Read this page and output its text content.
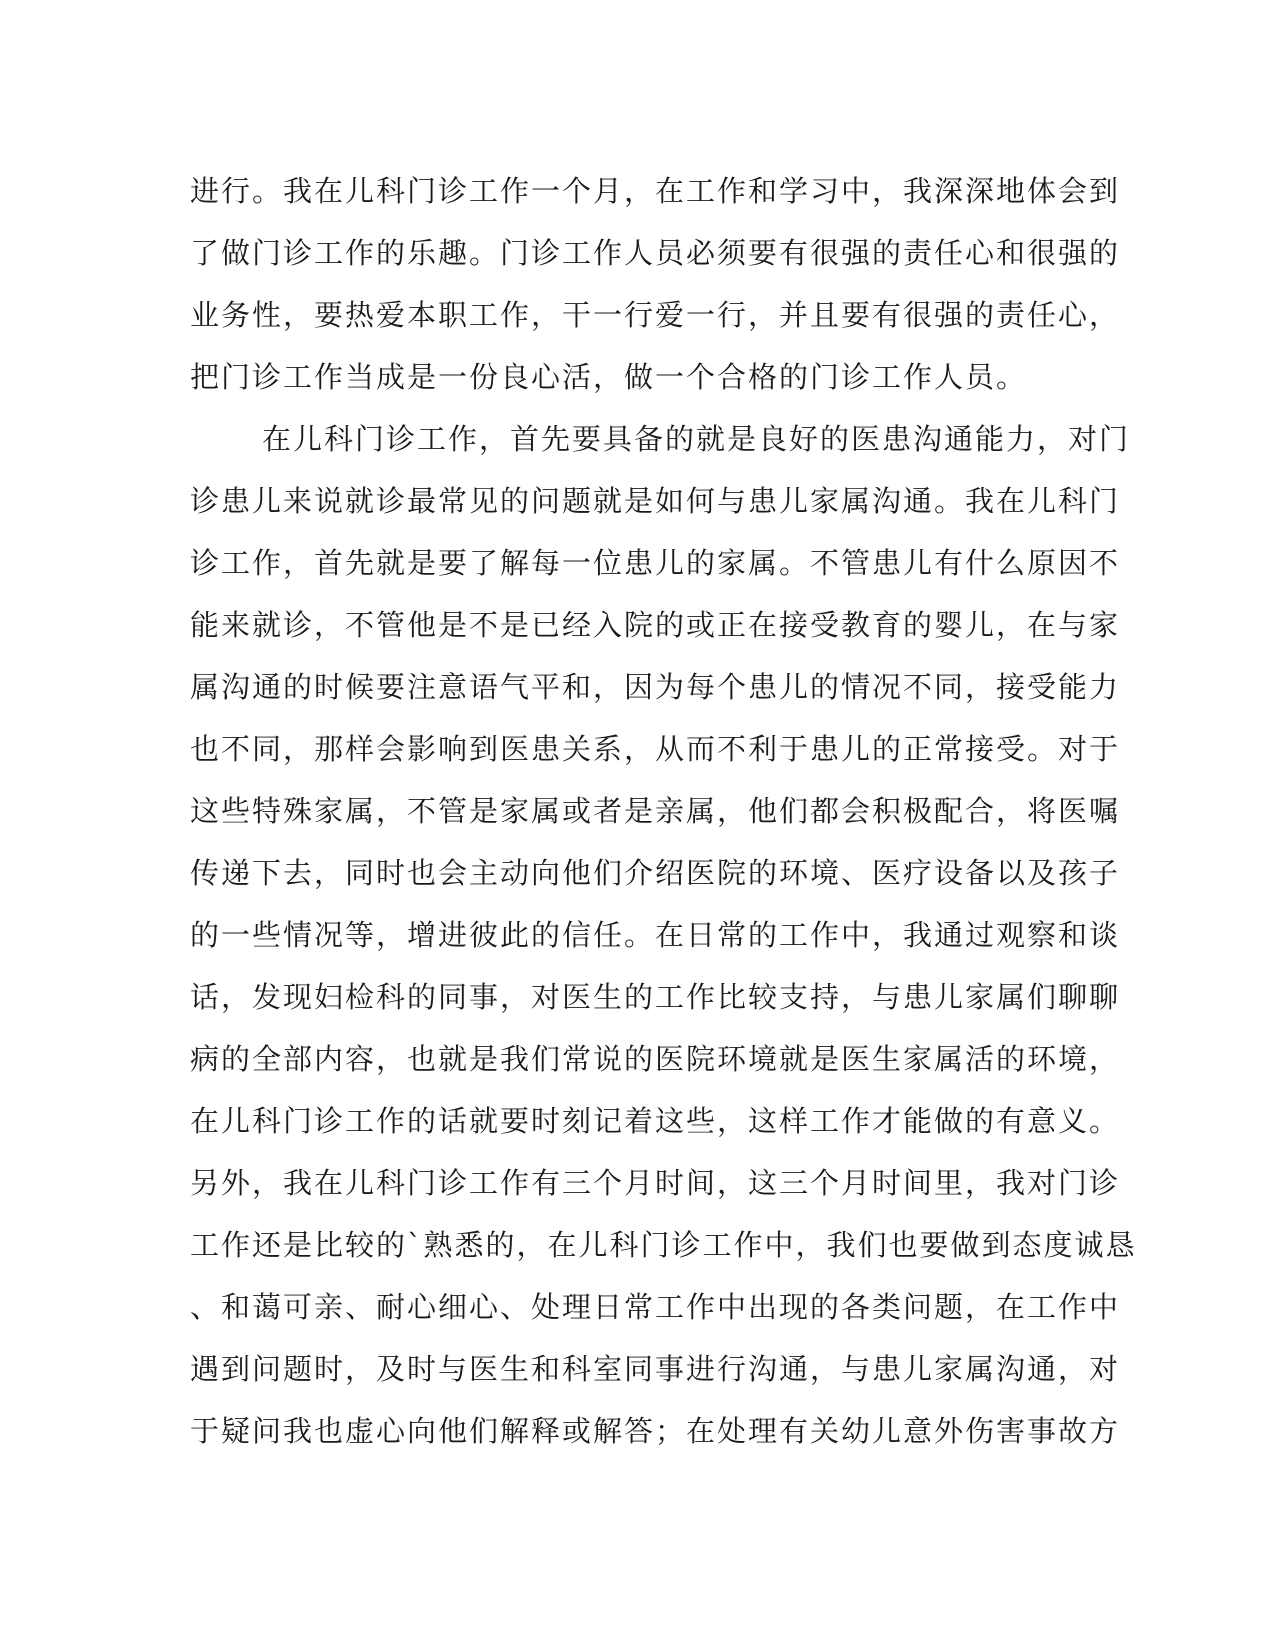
进行。我在儿科门诊工作一个月，在工作和学习中，我深深地体会到
了做门诊工作的乐趣。门诊工作人员必须要有很强的责任心和很强的
业务性，要热爱本职工作，干一行爱一行，并且要有很强的责任心，
把门诊工作当成是一份良心活，做一个合格的门诊工作人员。
在儿科门诊工作，首先要具备的就是良好的医患沟通能力，对门
诊患儿来说就诊最常见的问题就是如何与患儿家属沟通。我在儿科门
诊工作，首先就是要了解每一位患儿的家属。不管患儿有什么原因不
能来就诊，不管他是不是已经入院的或正在接受教育的婴儿，在与家
属沟通的时候要注意语气平和，因为每个患儿的情况不同，接受能力
也不同，那样会影响到医患关系，从而不利于患儿的正常接受。对于
这些特殊家属，不管是家属或者是亲属，他们都会积极配合，将医嘱
传递下去，同时也会主动向他们介绍医院的环境、医疗设备以及孩子
的一些情况等，增进彼此的信任。在日常的工作中，我通过观察和谈
话，发现妇检科的同事，对医生的工作比较支持，与患儿家属们聊聊
病的全部内容，也就是我们常说的医院环境就是医生家属活的环境，
在儿科门诊工作的话就要时刻记着这些，这样工作才能做的有意义。
另外，我在儿科门诊工作有三个月时间，这三个月时间里，我对门诊
工作还是比较的`熟悉的，在儿科门诊工作中，我们也要做到态度诚恳
、和蔼可亲、耐心细心、处理日常工作中出现的各类问题，在工作中
遇到问题时，及时与医生和科室同事进行沟通，与患儿家属沟通，对
于疑问我也虚心向他们解释或解答；在处理有关幼儿意外伤害事故方
